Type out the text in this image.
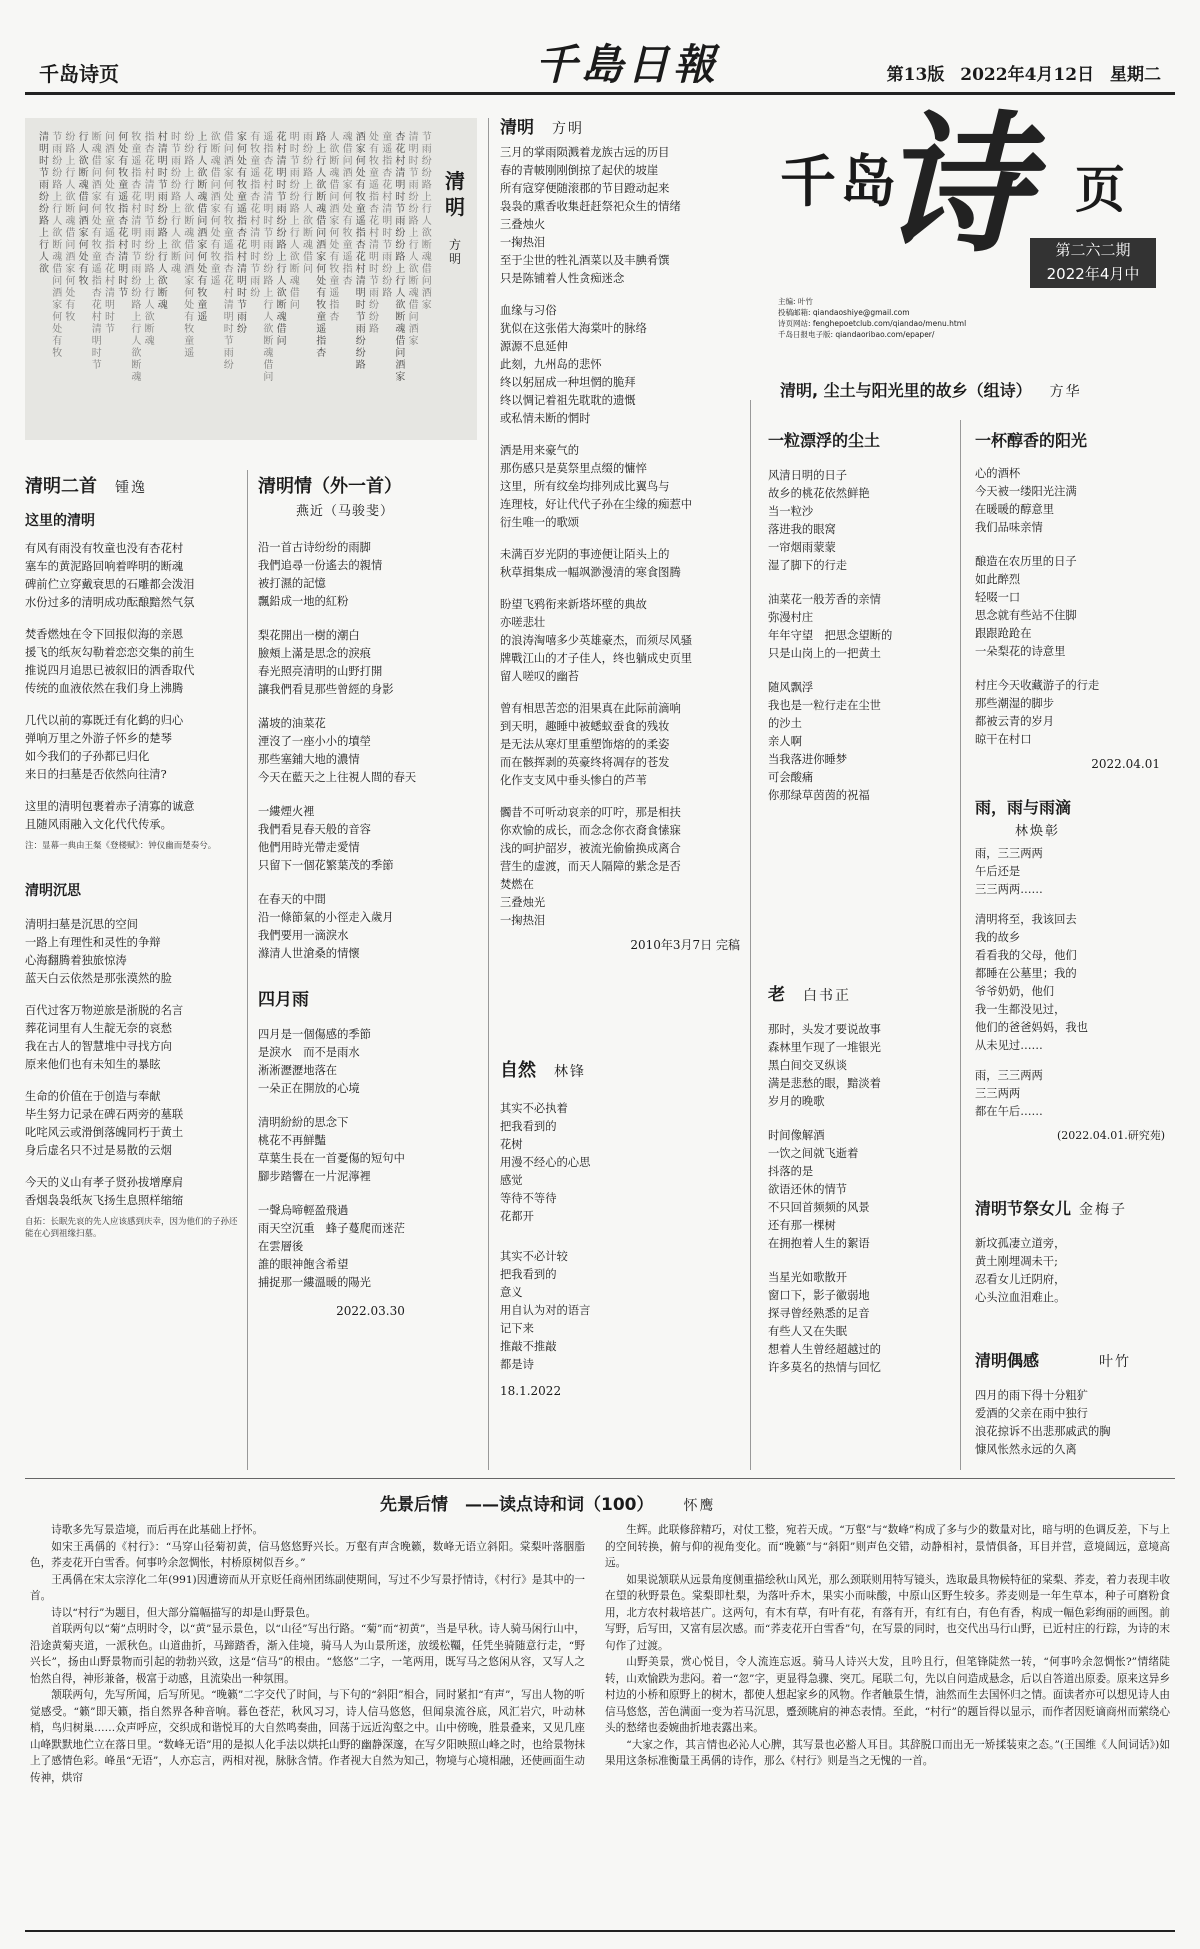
千岛诗页	千島日報	第13版 2022年4月12日 星期二
清明时节雨纷纷路上行人欲
节雨纷纷路上行人欲断魂借问酒家何处有牧
纷路上行人欲断魂借问酒家何处有牧
行人欲断魂借问酒家何处有牧
断魂借问酒家何处有牧童遥指杏花村清明时节
问酒家何处有牧童遥指杏花村清明时节
何处有牧童遥指杏花村清明时节
牧童遥指杏花村清明时节雨纷纷路上行人欲断魂
指杏花村清明时节雨纷纷路上行人欲断魂
村清明时节雨纷纷路上行人欲断魂
时节雨纷纷路上行人欲断魂
纷纷路上行人欲断魂借问酒家何处有牧童遥
上行人欲断魂借问酒家何处有牧童遥
欲断魂借问酒家何处有牧童遥
借问酒家何处有牧童遥指杏花村清明时节雨纷
家何处有牧童遥指杏花村清明时节雨纷
有牧童遥指杏花村清明时节雨纷
遥指杏花村清明时节雨纷纷路上行人欲断魂借问
花村清明时节雨纷纷路上行人欲断魂借问
明时节雨纷纷路上行人欲断魂借问
雨纷纷路上行人欲断魂借问
路上行人欲断魂借问酒家何处有牧童遥指杏
人欲断魂借问酒家何处有牧童遥指杏
魂借问酒家何处有牧童遥指杏
酒家何处有牧童遥指杏花村清明时节雨纷纷路
处有牧童遥指杏花村清明时节雨纷纷路
童遥指杏花村清明时节雨纷纷路
杏花村清明时节雨纷纷路上行人欲断魂借问酒家
清明时节雨纷纷路上行人欲断魂借问酒家
节雨纷纷路上行人欲断魂借问酒家
清明
方明
千岛
诗 页
第二六二期
2022年4月中
主编: 叶竹
投稿邮箱: qiandaoshiye@gmail.com
诗页网站: fenghepoetclub.com/qiandao/menu.html
千岛日报电子版: qiandaoribao.com/epaper/
清明 方明

三月的掌雨陨溅着龙族古远的历目

春的青帔刚刚倒掠了起伏的坡崖

所有寇穿便随滚郡的节目蹬动起来

袅袅的熏香收集赶赶祭祀众生的情绪

三叠烛火

一掬热泪

至于尘世的牲礼酒菜以及丰腆肴馔

只是陈铺着人性贪痴迷念

血缘与习俗

犹似在这张偌大海棠叶的脉络

源源不息延伸

此刻，九州岛的悲怀

终以躬屈成一种坦惘的脆拜

终以惆记着祖先耽耽的遗慨

或私情未断的惘时

洒是用来豪气的

那伤感只是莫祭里点缀的慵悴

这里，所有纹垒均排列成比翼鸟与

连理枝，好让代代子孙在尘缘的痴惹中

衍生唯一的歌颂

未满百岁光阴的事迹便让陌头上的

秋草揖集成一幅飒渺漫清的寒食图腾

盼望飞鸦衔来新塔坏壁的典故

亦嗟悲壮

的浪涛淘嘻多少英雄豪杰，而须尽风骚

牌戰江山的才子佳人，终也躺成史页里

留人嗟叹的幽苔

曾有相思苦恋的泪果真在此际前滴响

到天明，趣睡中被蟋蚁蚕食的残妆

是无法从寒灯里重塑饰熔的的柔姿

而在骸挥剥的英豪终将凋存的苍发

化作支支风中垂头惨白的芦苇

髑昔不可听动哀亲的叮咛，那是相扶

你欢愉的成长，而念念你衣裔食愫寐

浅的呵护韶岁，被流光偷偷换成离合

营生的虚渡，而天人隔障的紫念是否

焚燃在

三叠烛光

一掬热泪

2010年3月7日 完稿
清明, 尘土与阳光里的故乡（组诗） 方华
清明二首 锺逸
这里的清明

有风有雨没有牧童也没有杏花村

塞车的黄泥路回响着哗明的断魂

碑前伫立穿戴衰思的石雕都会泼泪

水份过多的清明成功酝酿黯然气氛

焚香燃烛在令下回报似海的亲恩

援飞的纸灰勾勒着恋恋交集的前生

推说四月追思已被叙旧的洒香取代

传统的血液依然在我们身上沸腾

几代以前的寡既迁有化鹤的归心

弹响万里之外游子怀乡的楚琴

如今我们的子孙都已归化

来日的扫墓是否依然向往清?

这里的清明包裹着赤子清寡的诚意

且随风雨融入文化代代传承。

注：显幕一典由王粲《登楼赋》：钟仪幽而楚奏兮。
清明沉思

清明扫墓是沉思的空间

一路上有理性和灵性的争辩

心海翻腾着独旅惊涛

蓝天白云依然是那张漠然的脸

百代过客万物逆旅是浙脱的名言

葬花词里有人生靛无奈的哀愁

我在古人的智慧堆中寻找方向

原来他们也有未知生的暴眩

生命的价值在于创造与奉献

毕生努力记录在碑石两旁的墓联

叱咤风云或滑倒落魄同朽于黄土

身后虚名只不过是易散的云烟

今天的义山有孝子贤孙拔增摩肩

香烟袅袅纸灰飞扬生息照样缩缩

自拓：长眠先哀的先人应该感到庆幸，因为他们的子孙还能在心到祖缘扫墓。
清明情（外一首）
燕近（马骏斐）

沿一首古诗纷纷的雨脚

我們追尋一份遙去的親情

被打濕的記憶

飄鉛成一地的紅粉

梨花開出一樹的潮白

臉頰上滿是思念的淚痕

春光照亮清明的山野打開

讓我們看見那些曾經的身影

滿坡的油菜花

湮沒了一座小小的墳塋

那些塞鋪大地的濃情

今天在藍天之上往視人間的春天

一縷煙火裡

我們看見春天般的音容

他們用時光帶走愛情

只留下一個花繁葉茂的季節

在春天的中間

沿一條節氣的小徑走入歲月

我們要用一滴淚水

滌清人世滄桑的情懷

四月雨

四月是一個傷感的季節

是淚水　而不是雨水

淅淅瀝瀝地落在

一朵正在開放的心境

清明紛紛的思念下

桃花不再鮮豔

草葉生長在一首憂傷的短句中

腳步踏響在一片泥濘裡

一聲烏啼輕盈飛過

雨天空沉重　蜂子蔓爬而迷茫

在雲層後

誰的眼神飽含希望

捕捉那一縷溫暖的陽光

2022.03.30
自然 林锋

其实不必执着

把我看到的

花树

用漫不经心的心思

感觉

等待不等待

花都开

其实不必计较

把我看到的

意义

用自认为对的语言

记下来

推敲不推敲

都是诗

18.1.2022
一粒漂浮的尘土

风清日明的日子

故乡的桃花依然鲜艳

当一粒沙

落进我的眼窝

一帘烟雨蒙蒙

湿了脚下的行走

油菜花一般芳香的亲情

弥漫村庄

年年守望　把思念望断的

只是山岗上的一把黄土

随风飘浮

我也是一粒行走在尘世

的沙土

亲人啊

当我落进你睡梦

可会酸痛

你那绿草茵茵的祝福

老 白书正

那时，头发才要说故事

森林里乍现了一堆银光

黑白间交叉纵谈

满是悲愁的眼，黯淡着

岁月的晚歌

时间像解酒

一饮之间就飞逝着

抖落的是

欲语还休的情节

不只回首频频的风景

还有那一棵树

在拥抱着人生的絮语

当星光如歌散开

窗口下，影子徽弱地

探寻曾经熟悉的足音

有些人又在失眠

想着人生曾经超越过的

许多莫名的热情与回忆

一杯醇香的阳光

心的酒杯

今天被一缕阳光注满

在暖暖的醇意里

我们品味亲情

酿造在农历里的日子

如此醉烈

轻啜一口

思念就有些站不住脚

跟跟跄跄在

一朵梨花的诗意里

村庄今天收藏游子的行走

那些潮湿的脚步

都被云青的岁月

晾干在村口

2022.04.01
雨，雨与雨滴
林焕彰

雨，三三两两

午后还是

三三两两……

清明将至，我该回去

我的故乡

看看我的父母，他们

都睡在公墓里；我的

爷爷奶奶，他们

我一生都没见过，

他们的爸爸妈妈，我也

从未见过……

雨，三三两两

三三两两

都在午后……

(2022.04.01.研究苑)
清明节祭女儿 金梅子

新坟孤凄立道旁，

黄土刚埋凋未干;

忍看女儿迁阴府，

心头泣血泪难止。

清明偶感	叶竹

四月的雨下得十分粗犷

爱酒的父亲在雨中独行

浪花掠诉不出悲那戚武的胸

慷风怅然永远的久离

先景后情　——读点诗和词（100） 怀鹰

诗歌多先写景造境，而后再在此基础上抒怀。

如宋王禹偁的《村行》：“马穿山径菊初黄，信马悠悠野兴长。万壑有声含晚籁，数峰无语立斜阳。棠梨叶落胭脂色，荞麦花开白雪香。何事吟余忽惆怅，村桥原树似吾乡。”

王禹偁在宋太宗淳化二年(991)因遭谤而从开京贬任商州团练副使期间，写过不少写景抒情诗，《村行》是其中的一首。

诗以“村行”为题目，但大部分篇幅描写的却是山野景色。

首联两句以“菊”点明时令，以“黄”显示景色，以“山径”写出行路。“菊”而“初黄”，当是早秋。诗人骑马闲行山中，沿途黄菊夹道，一派秋色。山道曲折，马蹄踏香，渐入佳境，骑马人为山景所迷，放缓松韁，任凭坐骑随意行走，“野兴长”，扬由山野景物而引起的勃勃兴致，这是“信马”的根由。“悠悠”二字，一笔两用，既写马之悠闲从容，又写人之怡然自得，神形兼备，极富于动感，且流染出一种氛围。

颔联两句，先写所闻，后写所见。“晚籁”二字交代了时间，与下句的“斜阳”相合，同时紧扣“有声”，写出人物的听觉感受。“籁”即天籁，指自然界各种音响。暮色苍茫，秋风习习，诗人信马悠悠，但闻泉流谷底，风汇岩穴，叶动林梢，鸟归树巢……众声呼应，交织成和谐悦耳的大自然鸣奏曲，回荡于远近沟壑之中。山中傍晚，胜景叠来，又见几座山峰默默地伫立在落日里。“数峰无语”用的是拟人化手法以烘托山野的幽静深邃，在写夕阳映照山峰之时，也给景物抹上了感情色彩。峰虽“无语”，人亦忘言，两相对视，脉脉含情。作者视大自然为知己，物境与心境相融，还使画面生动传神，烘帘

生辉。此联修辞精巧，对仗工整，宛若天成。“万壑”与“数峰”构成了多与少的数量对比，暗与明的色调反差，下与上的空间转换，俯与仰的视角变化。而“晚籁”与“斜阳”则声色交错，动静相衬，景情俱备，耳目并营，意境阔远，意境高远。

如果说颔联从远景角度侧重描绘秋山风光，那么颈联则用特写镜头，选取最具物候特征的棠梨、荞麦，着力表现丰收在望的秋野景色。棠梨即杜梨，为落叶乔木，果实小而味酸，中原山区野生较多。荞麦则是一年生草本，种子可磨粉食用，北方农村栽培甚广。这两句，有木有草，有叶有花，有落有开，有红有白，有色有香，构成一幅色彩绚丽的画图。前写野，后写田，又富有层次感。而“荞麦花开白雪香”句，在写景的同时，也交代出马行山野，已近村庄的行踪，为诗的末句作了过渡。

山野美景，赏心悦目，令人流连忘返。骑马人诗兴大发，且吟且行，但笔锋陡然一转，“何事吟余忽惆怅?”情绪陡转，山欢愉跌为悲闷。着一“忽”字，更显得急骤、突兀。尾联二句，先以自问造成悬念，后以自答道出原委。原来这异乡村边的小桥和原野上的树木，都使人想起家乡的风物。作者触景生情，油然而生去国怀归之情。面读者亦可以想见诗人由信马悠悠，苦色满面一变为若马沉思，蹙颈眺肩的神态表情。至此，“村行”的题旨得以显示，而作者因贬谪商州而萦绕心头的愁绪也委婉曲折地表露出来。

“大家之作，其言情也必沁人心脾，其写景也必豁人耳目。其辞脱口而出无一矫揉装束之态。”(王国维《人间词话》)如果用这条标准衡量王禹偁的诗作，那么《村行》则是当之无愧的一首。
